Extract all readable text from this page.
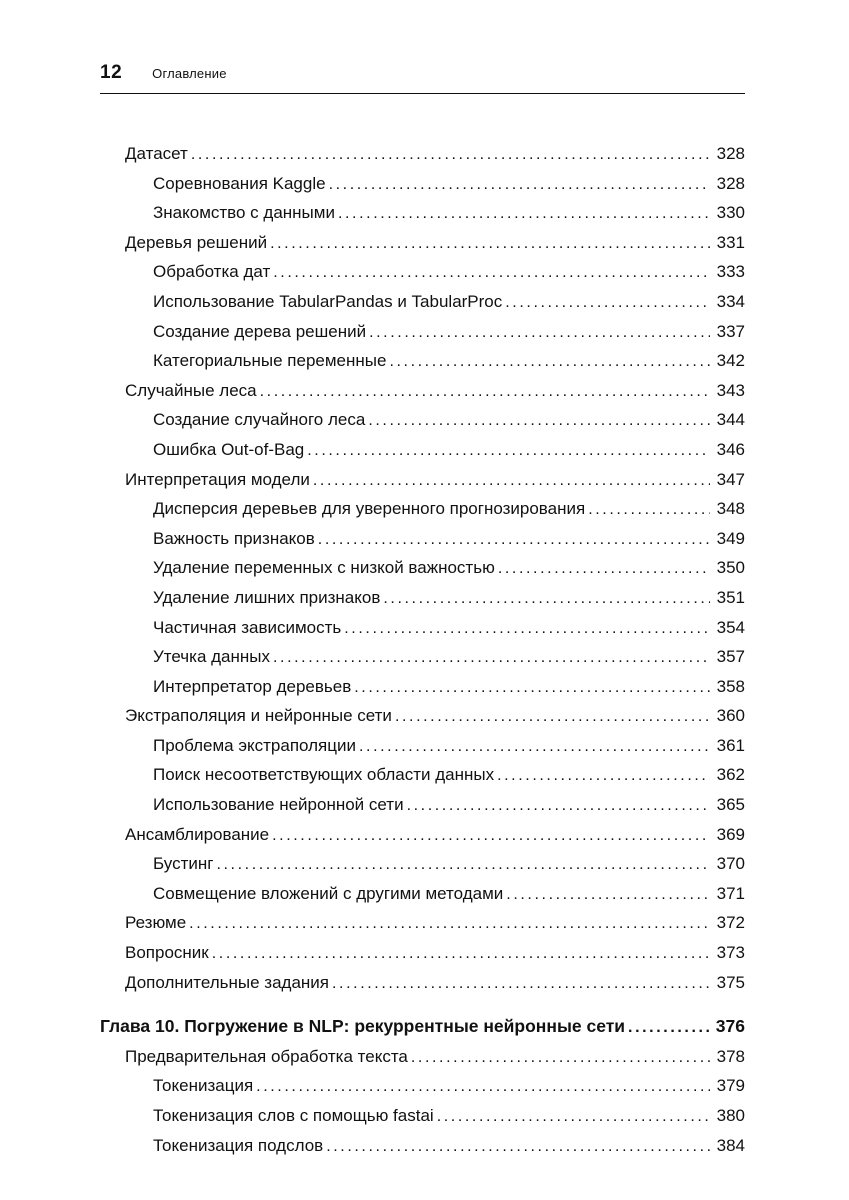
12 Оглавление
Датасет .....	328
Соревнования Kaggle .....	328
Знакомство с данными .....	330
Деревья решений .....	331
Обработка дат .....	333
Использование TabularPandas и TabularProc .....	334
Создание дерева решений .....	337
Категориальные переменные .....	342
Случайные леса .....	343
Создание случайного леса .....	344
Ошибка Out-of-Bag .....	346
Интерпретация модели .....	347
Дисперсия деревьев для уверенного прогнозирования .....	348
Важность признаков .....	349
Удаление переменных с низкой важностью .....	350
Удаление лишних признаков .....	351
Частичная зависимость .....	354
Утечка данных .....	357
Интерпретатор деревьев .....	358
Экстраполяция и нейронные сети .....	360
Проблема экстраполяции .....	361
Поиск несоответствующих области данных .....	362
Использование нейронной сети .....	365
Ансамблирование .....	369
Бустинг .....	370
Совмещение вложений с другими методами .....	371
Резюме .....	372
Вопросник .....	373
Дополнительные задания .....	375
Глава 10. Погружение в NLP: рекуррентные нейронные сети .....	376
Предварительная обработка текста .....	378
Токенизация .....	379
Токенизация слов с помощью fastai .....	380
Токенизация подслов .....	384
